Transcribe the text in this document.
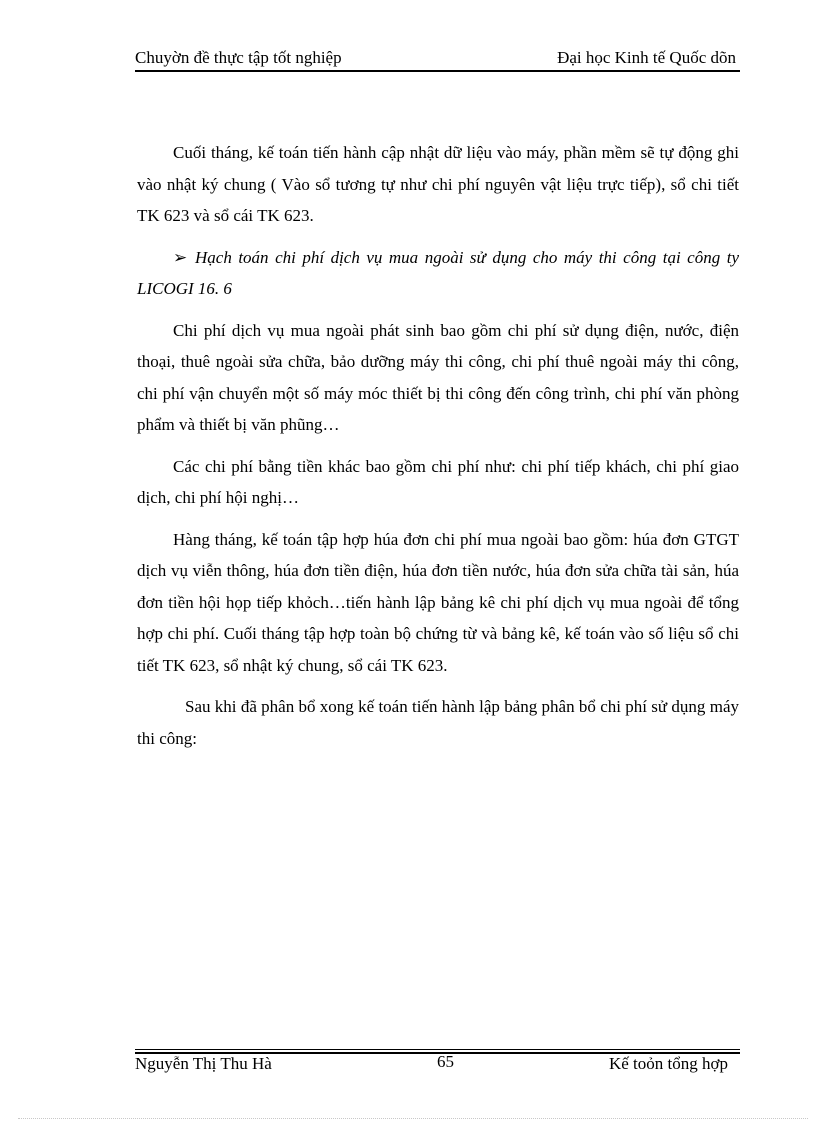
Chuyờn đề thực tập tốt nghiệp	Đại học Kinh tế Quốc dõn

Cuối tháng, kế toán tiến hành cập nhật dữ liệu vào máy, phần mềm sẽ tự động ghi vào nhật ký chung ( Vào sổ tương tự như chi phí nguyên vật liệu trực tiếp), sổ chi tiết TK 623 và sổ cái TK 623.

➢ Hạch toán chi phí dịch vụ mua ngoài sử dụng cho máy thi công tại công ty LICOGI 16. 6

Chi phí dịch vụ mua ngoài phát sinh bao gồm chi phí sử dụng điện, nước, điện thoại, thuê ngoài sửa chữa, bảo dưỡng máy thi công, chi phí thuê ngoài máy thi công, chi phí vận chuyển một số máy móc thiết bị thi công đến công trình, chi phí văn phòng phẩm và thiết bị văn phũng…

Các chi phí bằng tiền khác bao gồm chi phí như: chi phí tiếp khách, chi phí giao dịch, chi phí hội nghị…

Hàng tháng, kế toán tập hợp húa đơn chi phí mua ngoài bao gồm: húa đơn GTGT dịch vụ viễn thông, húa đơn tiền điện, húa đơn tiền nước, húa đơn sửa chữa tài sản, húa đơn tiền hội họp tiếp khỏch…tiến hành lập bảng kê chi phí dịch vụ mua ngoài để tổng hợp chi phí. Cuối tháng tập hợp toàn bộ chứng từ và bảng kê, kế toán vào số liệu sổ chi tiết TK 623, sổ nhật ký chung, sổ cái TK 623.

Sau khi đã phân bổ xong kế toán tiến hành lập bảng phân bổ chi phí sử dụng máy thi công:

Nguyễn Thị Thu Hà	65	Kế toỏn tổng hợp
